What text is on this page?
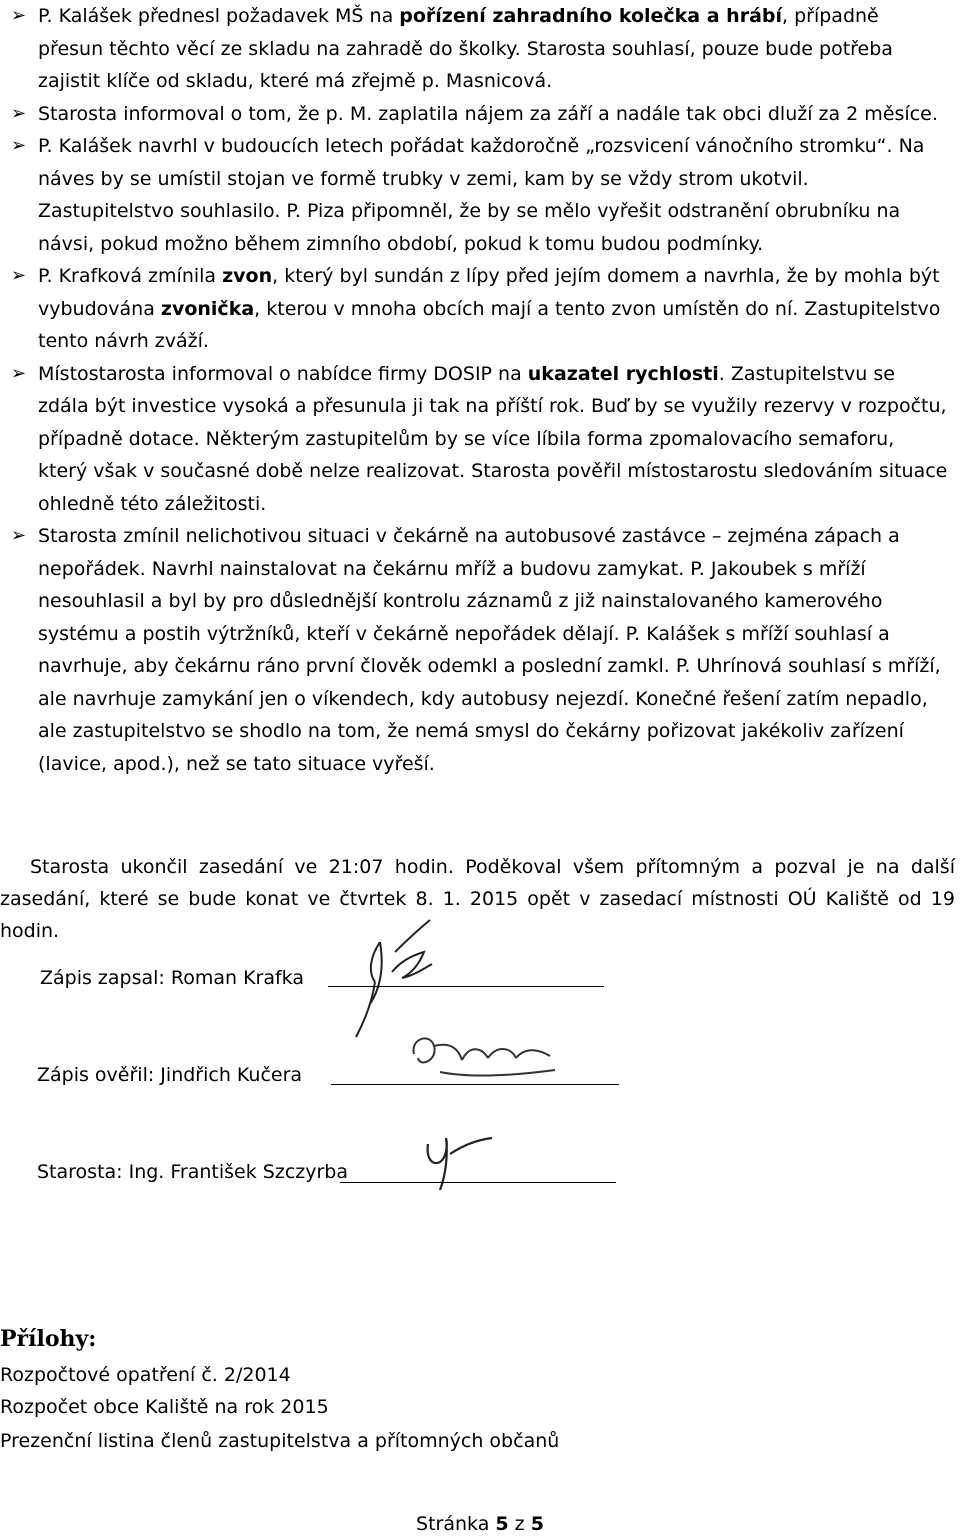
➢ P. Kalášek přednesl požadavek MŠ na pořízení zahradního kolečka a hrábí, případně přesun těchto věcí ze skladu na zahradě do školky. Starosta souhlasí, pouze bude potřeba zajistit klíče od skladu, které má zřejmě p. Masnicová.
➢ Starosta informoval o tom, že p. M. zaplatila nájem za září a nadále tak obci dluží za 2 měsíce.
➢ P. Kalášek navrhl v budoucích letech pořádat každoročně „rozsvicení vánočního stromku“. Na náves by se umístil stojan ve formě trubky v zemi, kam by se vždy strom ukotvil. Zastupitelstvo souhlasilo. P. Piza připomněl, že by se mělo vyřešit odstranění obrubníku na návsi, pokud možno během zimního období, pokud k tomu budou podmínky.
➢ P. Krafková zmínila zvon, který byl sundán z lípy před jejím domem a navrhla, že by mohla být vybudována zvonička, kterou v mnoha obcích mají a tento zvon umístěn do ní. Zastupitelstvo tento návrh zváží.
➢ Místostarosta informoval o nabídce firmy DOSIP na ukazatel rychlosti. Zastupitelstvu se zdála být investice vysoká a přesunula ji tak na příští rok. Buď by se využily rezervy v rozpočtu, případně dotace. Některým zastupitelům by se více líbila forma zpomalovacího semaforu, který však v současné době nelze realizovat. Starosta pověřil místostarostu sledováním situace ohledně této záležitosti.
➢ Starosta zmínil nelichotivou situaci v čekárně na autobusové zastávce – zejména zápach a nepořádek. Navrhl nainstalovat na čekárnu mříž a budovu zamykat. P. Jakoubek s mříží nesouhlasil a byl by pro důslednější kontrolu záznamů z již nainstalovaného kamerového systému a postih výtržníků, kteří v čekárně nepořádek dělají. P. Kalášek s mříží souhlasí a navrhuje, aby čekárnu ráno první člověk odemkl a poslední zamkl. P. Uhrínová souhlasí s mříží, ale navrhuje zamykání jen o víkendech, kdy autobusy nejezdí. Konečné řešení zatím nepadlo, ale zastupitelstvo se shodlo na tom, že nemá smysl do čekárny pořizovat jakékoliv zařízení (lavice, apod.), než se tato situace vyřeší.
Starosta ukončil zasedání ve 21:07 hodin. Poděkoval všem přítomným a pozval je na další zasedání, které se bude konat ve čtvrtek 8. 1. 2015 opět v zasedací místnosti OÚ Kaliště od 19 hodin.
Zápis zapsal: Roman Krafka
Zápis ověřil: Jindřich Kučera
Starosta: Ing. František Szczyrba
Přílohy:
Rozpočtové opatření č. 2/2014
Rozpočet obce Kaliště na rok 2015
Prezenční listina členů zastupitelstva a přítomných občanů
Stránka 5 z 5
